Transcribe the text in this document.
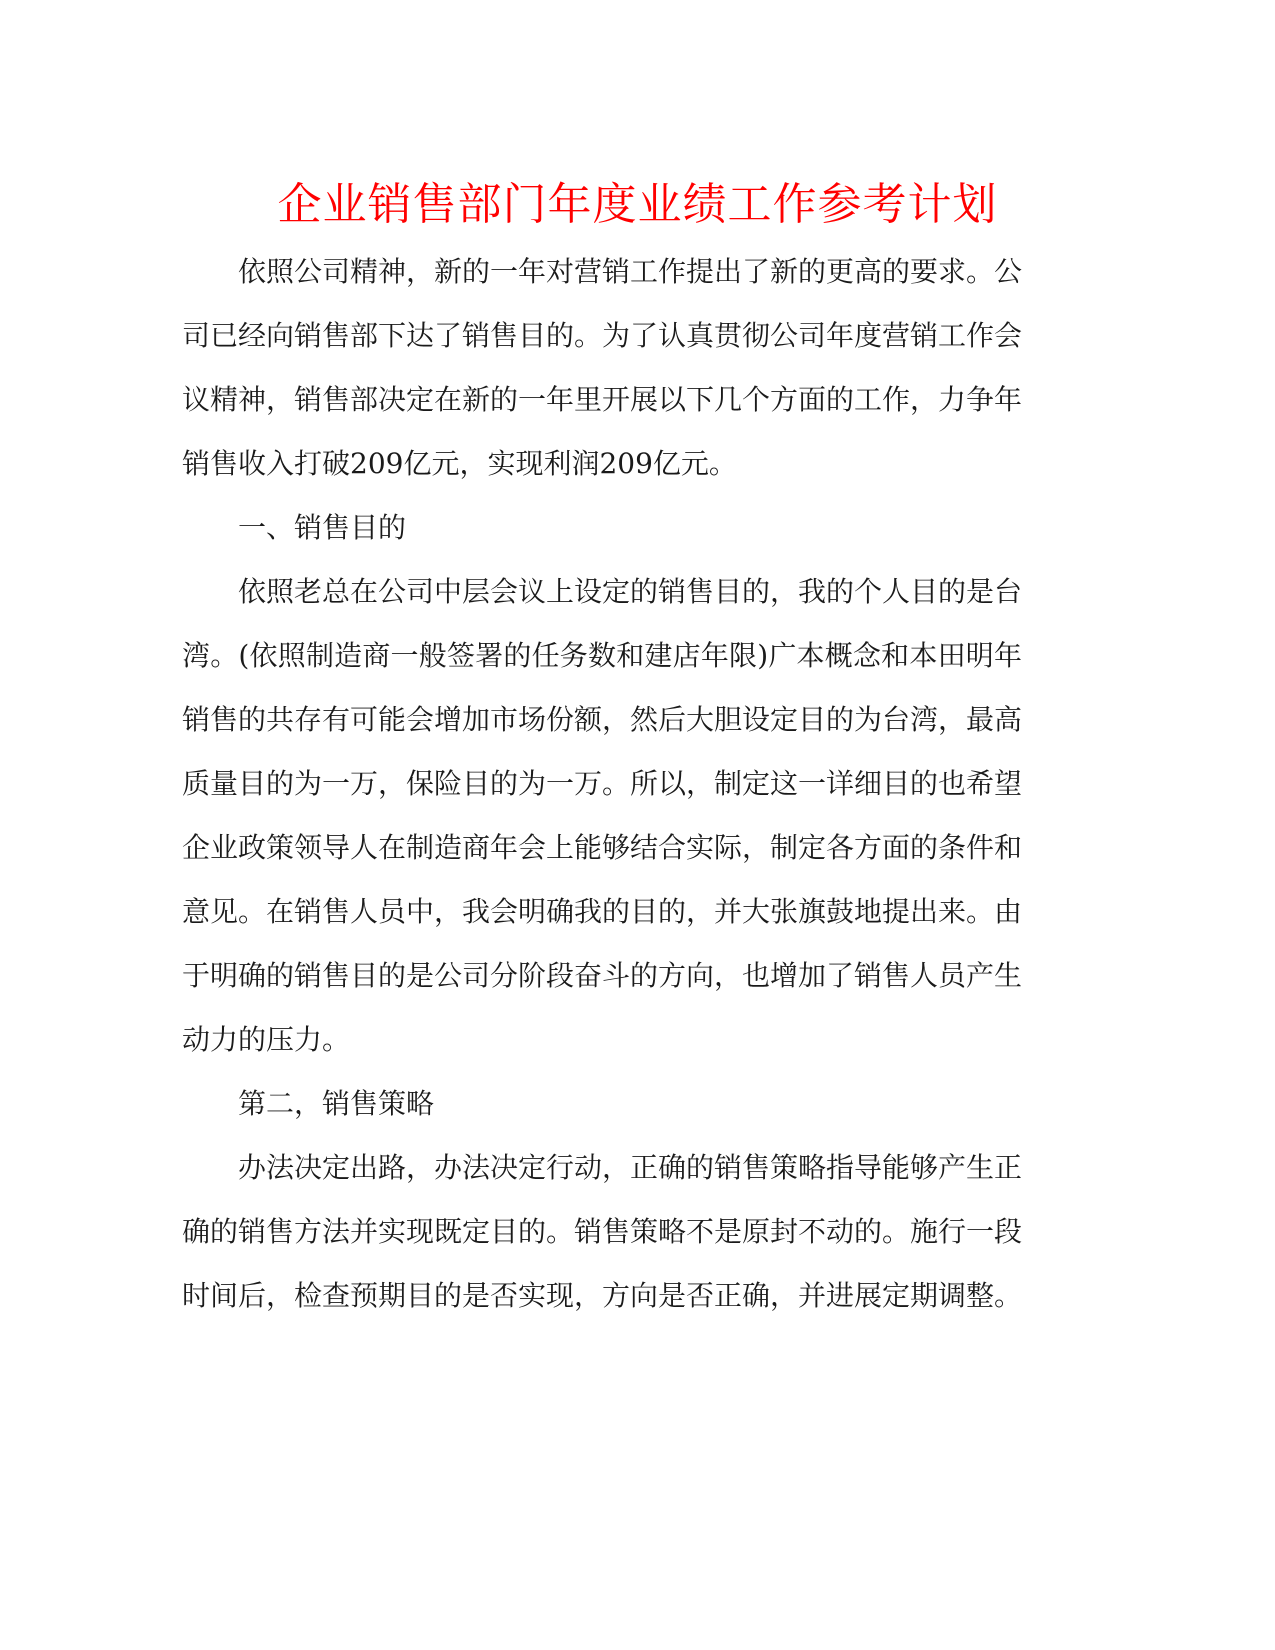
企业销售部门年度业绩工作参考计划

依照公司精神，新的一年对营销工作提出了新的更高的要求。公司已经向销售部下达了销售目的。为了认真贯彻公司年度营销工作会议精神，销售部决定在新的一年里开展以下几个方面的工作，力争年销售收入打破209亿元，实现利润209亿元。

一、销售目的

依照老总在公司中层会议上设定的销售目的，我的个人目的是台湾。(依照制造商一般签署的任务数和建店年限)广本概念和本田明年销售的共存有可能会增加市场份额，然后大胆设定目的为台湾，最高质量目的为一万，保险目的为一万。所以，制定这一详细目的也希望企业政策领导人在制造商年会上能够结合实际，制定各方面的条件和意见。在销售人员中，我会明确我的目的，并大张旗鼓地提出来。由于明确的销售目的是公司分阶段奋斗的方向，也增加了销售人员产生动力的压力。

第二，销售策略

办法决定出路，办法决定行动，正确的销售策略指导能够产生正确的销售方法并实现既定目的。销售策略不是原封不动的。施行一段时间后，检查预期目的是否实现，方向是否正确，并进展定期调整。
